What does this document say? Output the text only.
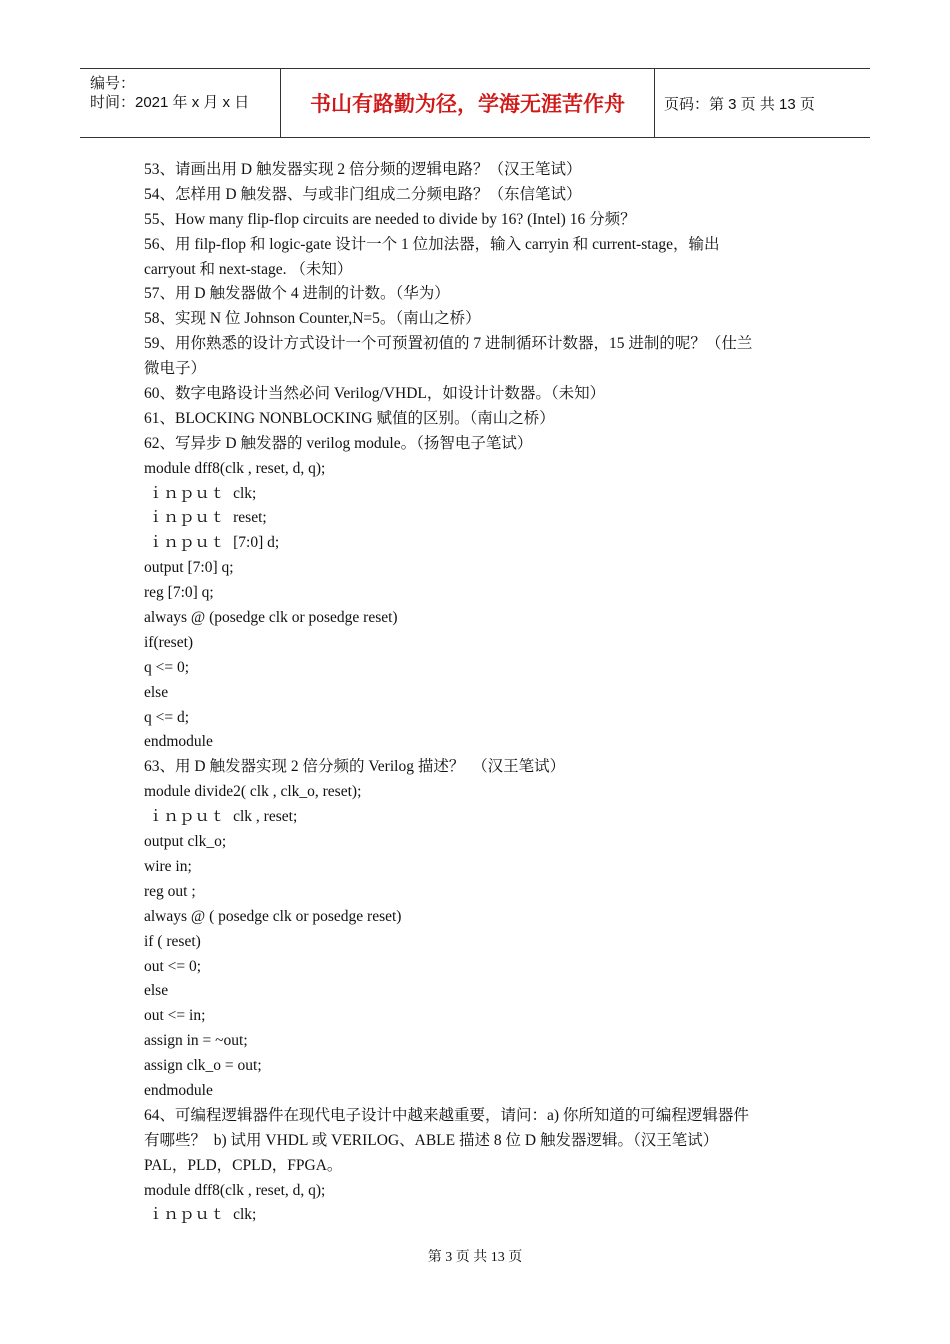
编号：
时间：2021 年 x 月 x 日	书山有路勤为径，学海无涯苦作舟	页码：第 3 页 共 13 页
53、请画出用 D 触发器实现 2 倍分频的逻辑电路？（汉王笔试）
54、怎样用 D 触发器、与或非门组成二分频电路？（东信笔试）
55、How many flip-flop circuits are needed to divide by 16? (Intel) 16 分频？
56、用 filp-flop 和 logic-gate 设计一个 1 位加法器，输入 carryin 和 current-stage，输出
carryout 和 next-stage. （未知）
57、用 D 触发器做个 4 进制的计数。（华为）
58、实现 N 位 Johnson Counter,N=5。（南山之桥）
59、用你熟悉的设计方式设计一个可预置初值的 7 进制循环计数器，15 进制的呢？（仕兰
微电子）
60、数字电路设计当然必问 Verilog/VHDL，如设计计数器。（未知）
61、BLOCKING NONBLOCKING 赋值的区别。（南山之桥）
62、写异步 D 触发器的 verilog module。（扬智电子笔试）
module dff8(clk , reset, d, q);
ｉｎｐｕｔ  clk;
ｉｎｐｕｔ  reset;
ｉｎｐｕｔ  [7:0] d;
output [7:0] q;
reg [7:0] q;
always @ (posedge clk or posedge reset)
if(reset)
q <= 0;
else
q <= d;
endmodule
63、用 D 触发器实现 2 倍分频的 Verilog 描述？  （汉王笔试）
module divide2( clk , clk_o, reset);
ｉｎｐｕｔ  clk , reset;
output clk_o;
wire in;
reg out ;
always @ ( posedge clk or posedge reset)
if ( reset)
out <= 0;
else
out <= in;
assign in = ~out;
assign clk_o = out;
endmodule
64、可编程逻辑器件在现代电子设计中越来越重要，请问：a) 你所知道的可编程逻辑器件
有哪些？  b) 试用 VHDL 或 VERILOG、ABLE 描述 8 位 D 触发器逻辑。（汉王笔试）
PAL，PLD，CPLD，FPGA。
module dff8(clk , reset, d, q);
ｉｎｐｕｔ  clk;
第 3 页 共 13 页
